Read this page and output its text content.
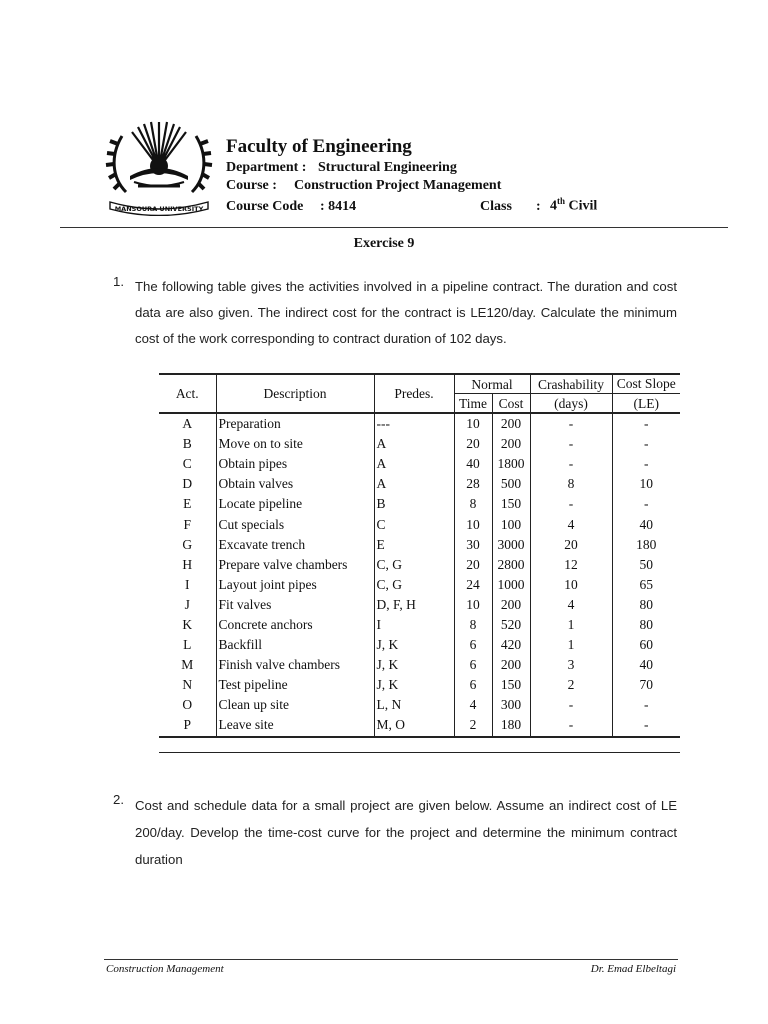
MANSOURA UNIVERSITY
Faculty of Engineering
Department : Structural Engineering
Course : Construction Project Management
Course Code : 8414	Class : 4th Civil
Exercise 9
1. The following table gives the activities involved in a pipeline contract. The duration and cost data are also given. The indirect cost for the contract is LE120/day. Calculate the minimum cost of the work corresponding to contract duration of 102 days.
Act.	Description	Predes.	Normal		Crashability	Cost Slope
			Time	Cost	(days)	(LE)
A	Preparation	---	10	200	-	-
B	Move on to site	A	20	200	-	-
C	Obtain pipes	A	40	1800	-	-
D	Obtain valves	A	28	500	8	10
E	Locate pipeline	B	8	150	-	-
F	Cut specials	C	10	100	4	40
G	Excavate trench	E	30	3000	20	180
H	Prepare valve chambers	C, G	20	2800	12	50
I	Layout joint pipes	C, G	24	1000	10	65
J	Fit valves	D, F, H	10	200	4	80
K	Concrete anchors	I	8	520	1	80
L	Backfill	J, K	6	420	1	60
M	Finish valve chambers	J, K	6	200	3	40
N	Test pipeline	J, K	6	150	2	70
O	Clean up site	L, N	4	300	-	-
P	Leave site	M, O	2	180	-	-
2. Cost and schedule data for a small project are given below. Assume an indirect cost of LE 200/day. Develop the time-cost curve for the project and determine the minimum contract duration
Construction Management	Dr. Emad Elbeltagi
